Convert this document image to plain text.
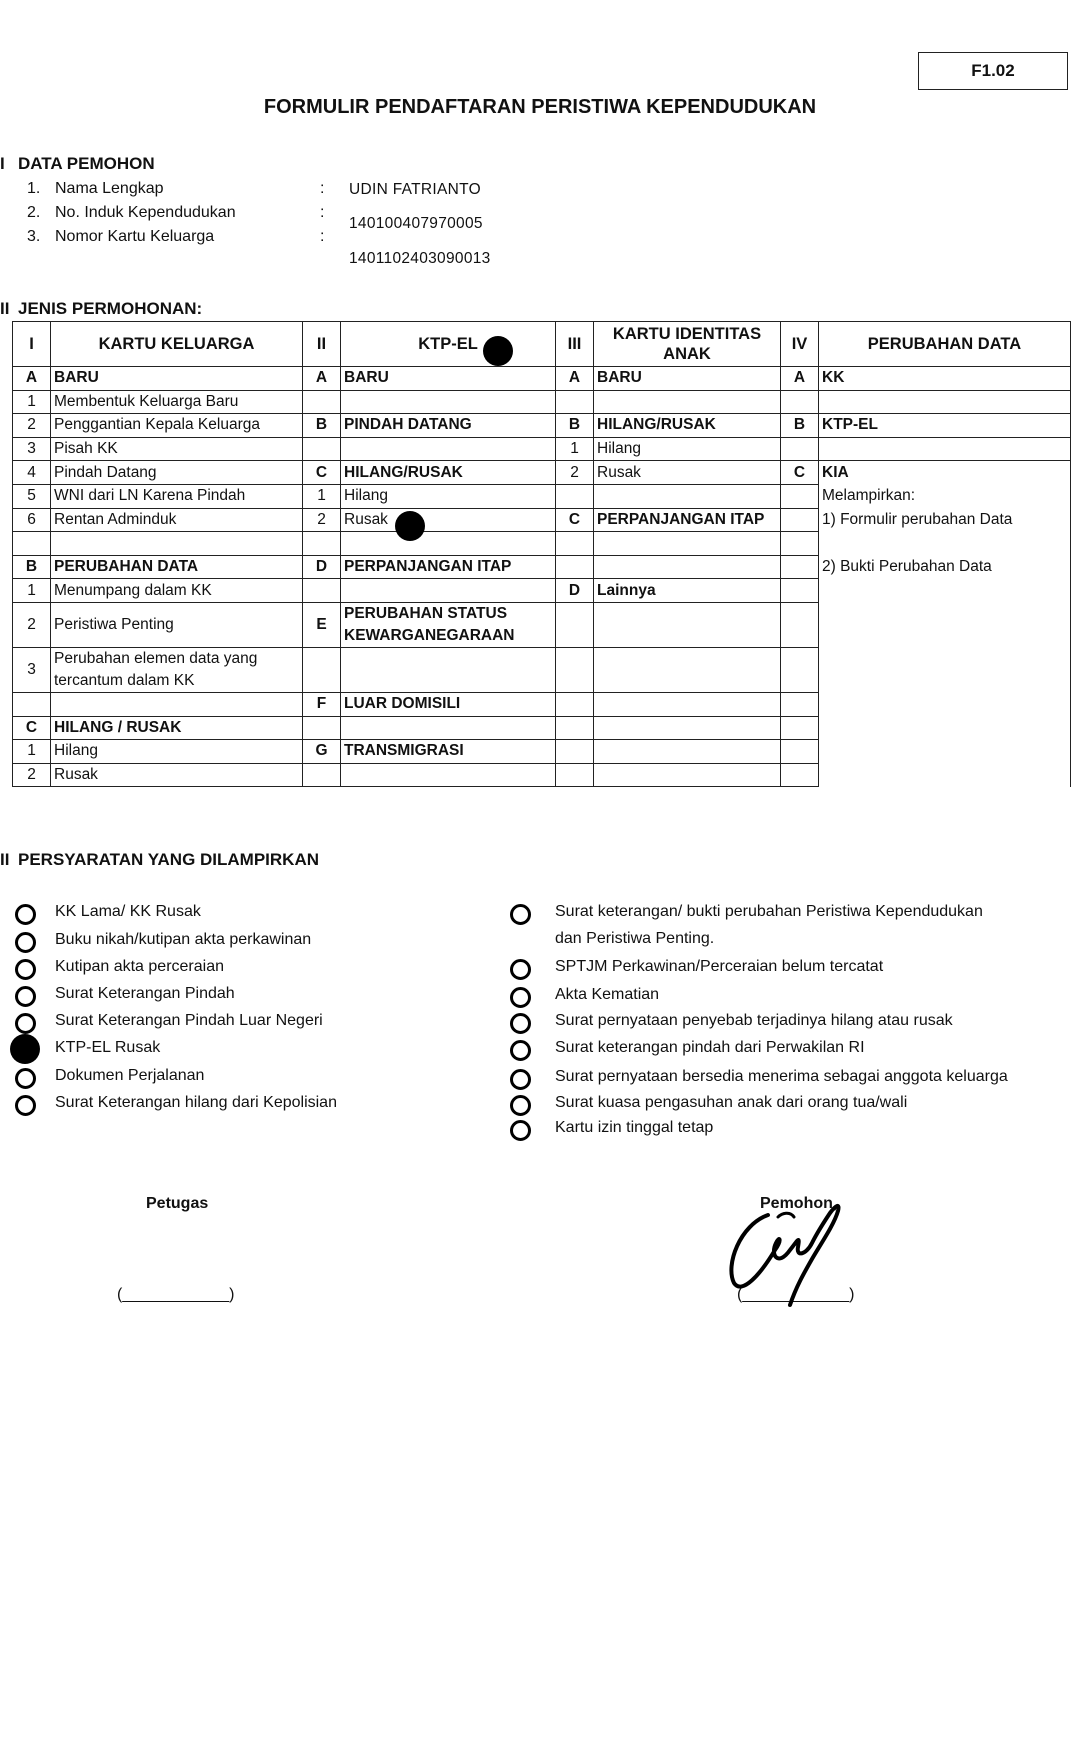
F1.02
FORMULIR PENDAFTARAN PERISTIWA KEPENDUDUKAN
I DATA PEMOHON
1. Nama Lengkap	: UDIN FATRIANTO
2. No. Induk Kependudukan	:
140100407970005
3. Nomor Kartu Keluarga	:
1401102403090013
II JENIS PERMOHONAN:
I	KARTU KELUARGA	II	KTP-EL	III	KARTU IDENTITAS ANAK	IV	PERUBAHAN DATA
A	BARU	A	BARU	A	BARU	A	KK
1	Membentuk Keluarga Baru						
2	Penggantian Kepala Keluarga	B	PINDAH DATANG	B	HILANG/RUSAK	B	KTP-EL
3	Pisah KK			1	Hilang		
4	Pindah Datang	C	HILANG/RUSAK	2	Rusak	C	KIA
5	WNI dari LN Karena Pindah	1	Hilang				Melampirkan:
6	Rentan Adminduk	2	Rusak	C	PERPANJANGAN ITAP		1) Formulir perubahan Data

B	PERUBAHAN DATA	D	PERPANJANGAN ITAP				2) Bukti Perubahan Data
1	Menumpang dalam KK			D	Lainnya		
2	Peristiwa Penting	E	PERUBAHAN STATUS KEWARGANEGARAAN				
3	Perubahan elemen data yang tercantum dalam KK						
		F	LUAR DOMISILI				
C	HILANG / RUSAK						
1	Hilang	G	TRANSMIGRASI				
2	Rusak						
II PERSYARATAN YANG DILAMPIRKAN
KK Lama/ KK Rusak
Buku nikah/kutipan akta perkawinan
Kutipan akta perceraian
Surat Keterangan Pindah
Surat Keterangan Pindah Luar Negeri
KTP-EL Rusak
Dokumen Perjalanan
Surat Keterangan hilang dari Kepolisian
Surat keterangan/ bukti perubahan Peristiwa Kependudukan
dan Peristiwa Penting.
SPTJM Perkawinan/Perceraian belum tercatat
Akta Kematian
Surat pernyataan penyebab terjadinya hilang atau rusak
Surat keterangan pindah dari Perwakilan RI
Surat pernyataan bersedia menerima sebagai anggota keluarga
Surat kuasa pengasuhan anak dari orang tua/wali
Kartu izin tinggal tetap
Petugas
(____________)
Pemohon,
(____________)
